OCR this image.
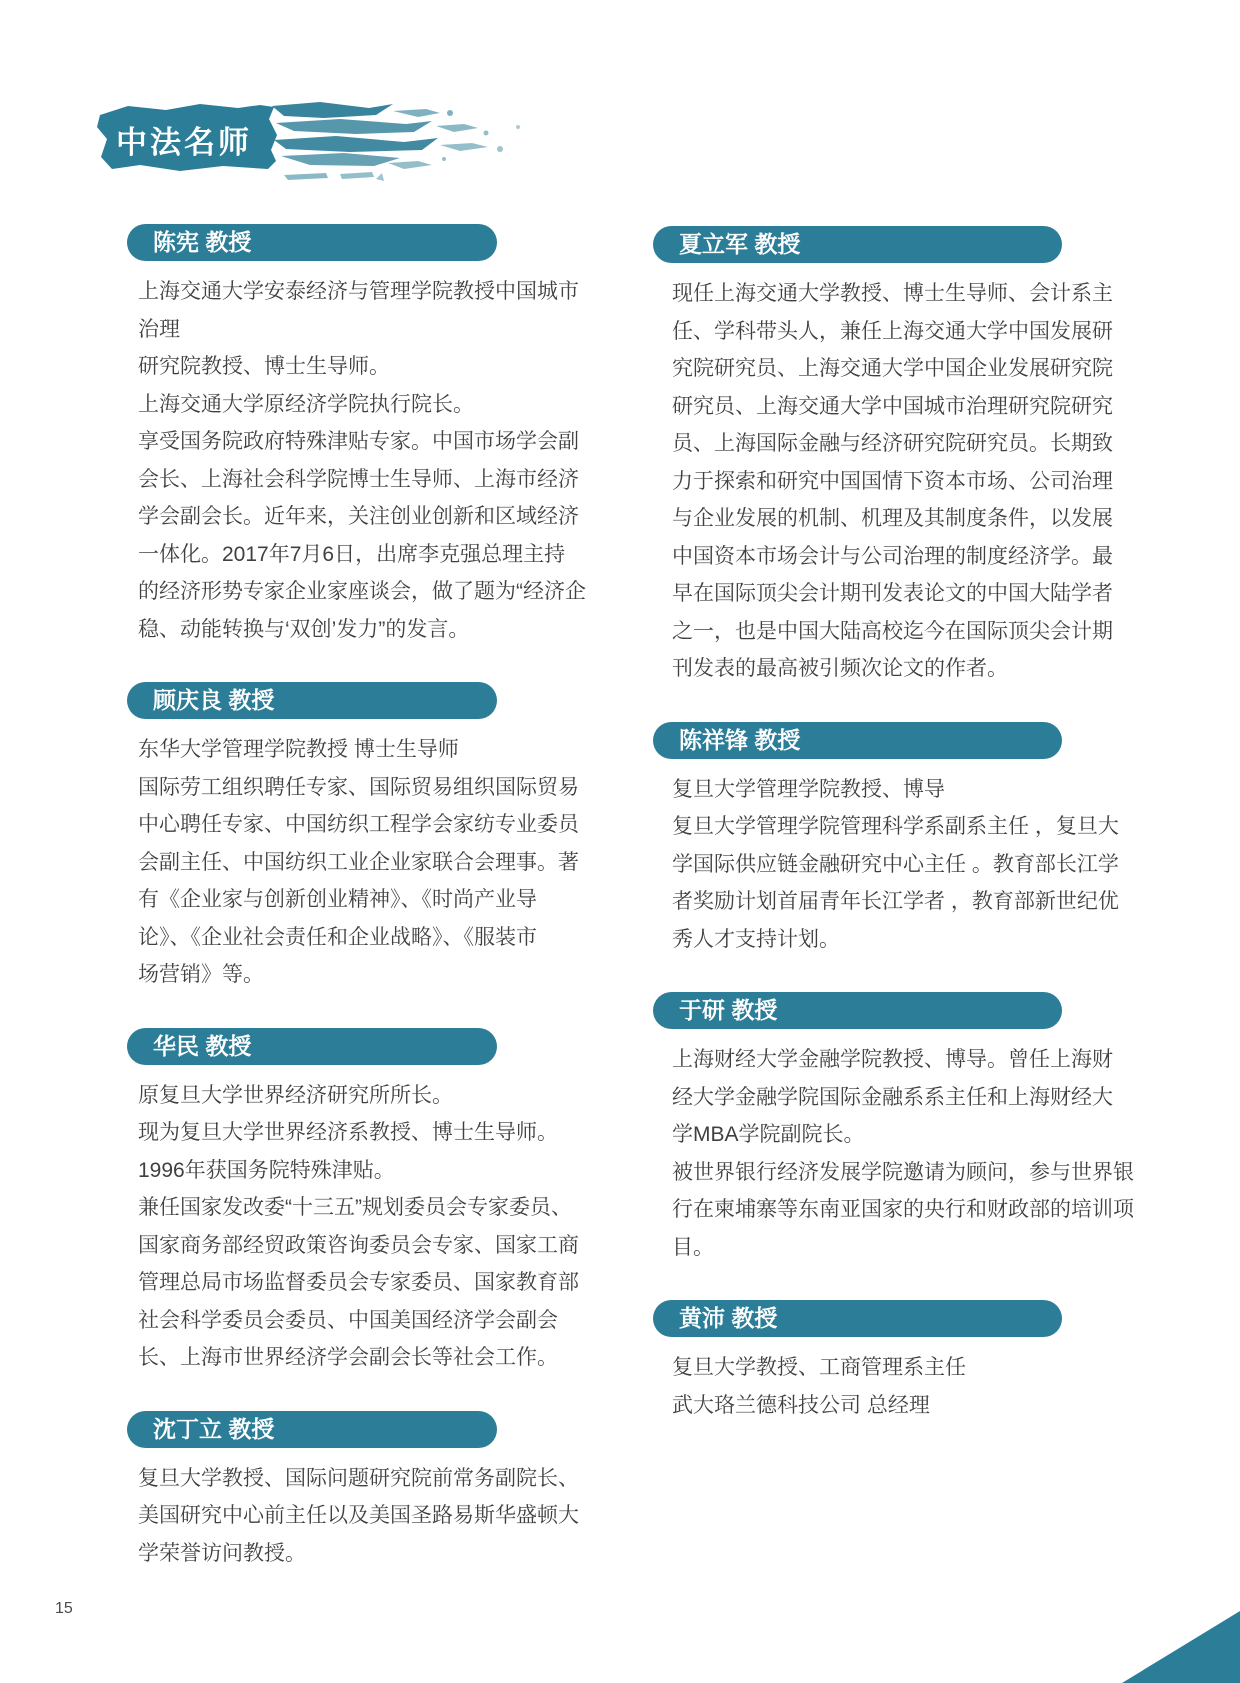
中法名师
陈宪 教授
上海交通大学安泰经济与管理学院教授中国城市
治理
研究院教授、博士生导师。
上海交通大学原经济学院执行院长。
享受国务院政府特殊津贴专家。中国市场学会副
会长、上海社会科学院博士生导师、上海市经济
学会副会长。近年来，关注创业创新和区域经济
一体化。2017年7月6日，出席李克强总理主持
的经济形势专家企业家座谈会，做了题为“经济企
稳、动能转换与‘双创’发力”的发言。
顾庆良 教授
东华大学管理学院教授 博士生导师
国际劳工组织聘任专家、国际贸易组织国际贸易
中心聘任专家、中国纺织工程学会家纺专业委员
会副主任、中国纺织工业企业家联合会理事。著
有《企业家与创新创业精神》、《时尚产业导
论》、《企业社会责任和企业战略》、《服装市
场营销》等。
华民 教授
原复旦大学世界经济研究所所长。
现为复旦大学世界经济系教授、博士生导师。
1996年获国务院特殊津贴。
兼任国家发改委“十三五”规划委员会专家委员、
国家商务部经贸政策咨询委员会专家、国家工商
管理总局市场监督委员会专家委员、国家教育部
社会科学委员会委员、中国美国经济学会副会
长、上海市世界经济学会副会长等社会工作。
沈丁立 教授
复旦大学教授、国际问题研究院前常务副院长、
美国研究中心前主任以及美国圣路易斯华盛顿大
学荣誉访问教授。
夏立军 教授
现任上海交通大学教授、博士生导师、会计系主
任、学科带头人，兼任上海交通大学中国发展研
究院研究员、上海交通大学中国企业发展研究院
研究员、上海交通大学中国城市治理研究院研究
员、上海国际金融与经济研究院研究员。长期致
力于探索和研究中国国情下资本市场、公司治理
与企业发展的机制、机理及其制度条件，以发展
中国资本市场会计与公司治理的制度经济学。最
早在国际顶尖会计期刊发表论文的中国大陆学者
之一，也是中国大陆高校迄今在国际顶尖会计期
刊发表的最高被引频次论文的作者。
陈祥锋 教授
复旦大学管理学院教授、博导
复旦大学管理学院管理科学系副系主任 ，复旦大
学国际供应链金融研究中心主任 。教育部长江学
者奖励计划首届青年长江学者 ，教育部新世纪优
秀人才支持计划。
于研 教授
上海财经大学金融学院教授、博导。曾任上海财
经大学金融学院国际金融系系主任和上海财经大
学MBA学院副院长。
被世界银行经济发展学院邀请为顾问，参与世界银
行在柬埔寨等东南亚国家的央行和财政部的培训项
目。
黄沛 教授
复旦大学教授、工商管理系主任
武大珞兰德科技公司 总经理
15
